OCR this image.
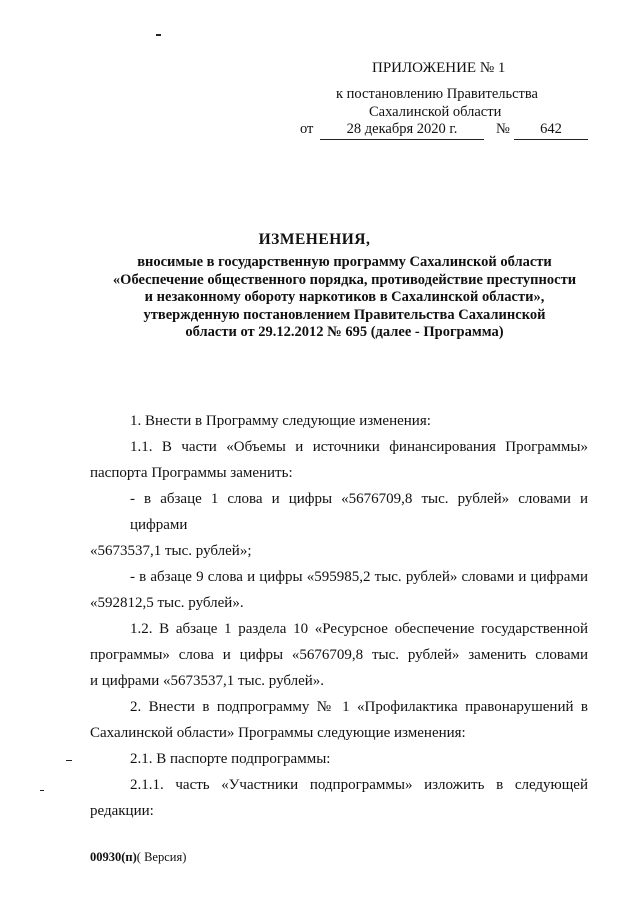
ПРИЛОЖЕНИЕ № 1
к постановлению Правительства
Сахалинской области
от	28 декабря 2020 г.	№	642
ИЗМЕНЕНИЯ,
вносимые в государственную программу Сахалинской области
«Обеспечение общественного порядка, противодействие преступности
и незаконному обороту наркотиков в Сахалинской области»,
утвержденную постановлением Правительства Сахалинской
области от 29.12.2012 № 695 (далее - Программа)

1. Внести в Программу следующие изменения:

1.1. В части «Объемы и источники финансирования Программы»

паспорта Программы заменить:

- в абзаце 1 слова и цифры «5676709,8 тыс. рублей» словами и цифрами

«5673537,1 тыс. рублей»;

- в абзаце 9 слова и цифры «595985,2 тыс. рублей» словами и цифрами

«592812,5 тыс. рублей».

1.2. В абзаце 1 раздела 10 «Ресурсное обеспечение государственной

программы» слова и цифры «5676709,8 тыс. рублей» заменить словами

и цифрами «5673537,1 тыс. рублей».

2. Внести в подпрограмму № 1 «Профилактика правонарушений в

Сахалинской области» Программы следующие изменения:

2.1. В паспорте подпрограммы:

2.1.1. часть «Участники подпрограммы» изложить в следующей

редакции:

00930(п)( Версия)
